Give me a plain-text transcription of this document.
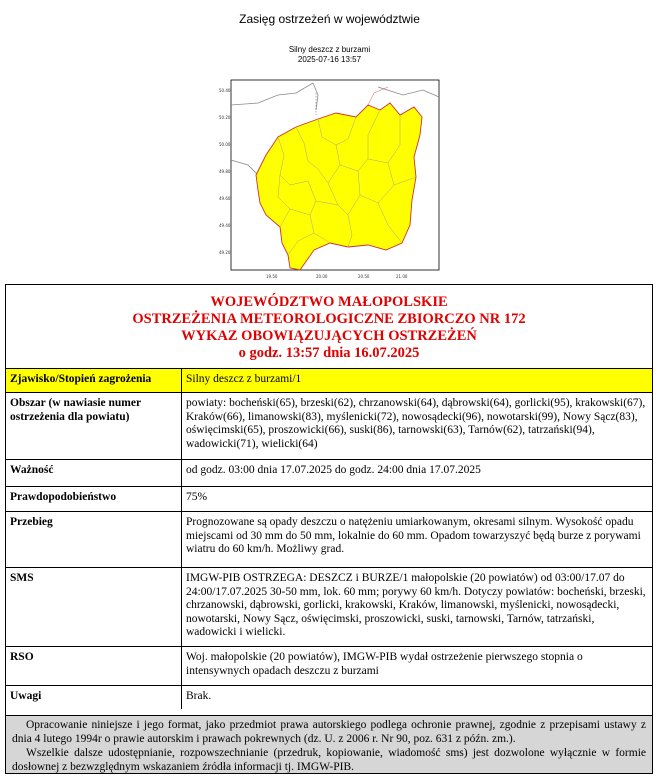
Zasięg ostrzeżeń w województwie
Silny deszcz z burzami
2025-07-16 13:57
50.40
50.20
50.00
49.80
49.60
49.40
49.20
19.50	20.00	20.50	21.00
WOJEWÓDZTWO MAŁOPOLSKIE
OSTRZEŻENIA METEOROLOGICZNE ZBIORCZO NR 172
WYKAZ OBOWIĄZUJĄCYCH OSTRZEŻEŃ
o godz. 13:57 dnia 16.07.2025
Zjawisko/Stopień zagrożenia	Silny deszcz z burzami/1
Obszar (w nawiasie numer ostrzeżenia dla powiatu)	powiaty: bocheński(65), brzeski(62), chrzanowski(64), dąbrowski(64), gorlicki(95), krakowski(67), Kraków(66), limanowski(83), myślenicki(72), nowosądecki(96), nowotarski(99), Nowy Sącz(83), oświęcimski(65), proszowicki(66), suski(86), tarnowski(63), Tarnów(62), tatrzański(94), wadowicki(71), wielicki(64)
Ważność	od godz. 03:00 dnia 17.07.2025 do godz. 24:00 dnia 17.07.2025
Prawdopodobieństwo	75%
Przebieg	Prognozowane są opady deszczu o natężeniu umiarkowanym, okresami silnym. Wysokość opadu miejscami od 30 mm do 50 mm, lokalnie do 60 mm. Opadom towarzyszyć będą burze z porywami wiatru do 60 km/h. Możliwy grad.
SMS	IMGW-PIB OSTRZEGA: DESZCZ i BURZE/1 małopolskie (20 powiatów) od 03:00/17.07 do 24:00/17.07.2025 30-50 mm, lok. 60 mm; porywy 60 km/h. Dotyczy powiatów: bocheński, brzeski, chrzanowski, dąbrowski, gorlicki, krakowski, Kraków, limanowski, myślenicki, nowosądecki, nowotarski, Nowy Sącz, oświęcimski, proszowicki, suski, tarnowski, Tarnów, tatrzański, wadowicki i wielicki.
RSO	Woj. małopolskie (20 powiatów), IMGW-PIB wydał ostrzeżenie pierwszego stopnia o intensywnych opadach deszczu z burzami
Uwagi	Brak.

Opracowanie niniejsze i jego format, jako przedmiot prawa autorskiego podlega ochronie prawnej, zgodnie z przepisami ustawy z dnia 4 lutego 1994r o prawie autorskim i prawach pokrewnych (dz. U. z 2006 r. Nr 90, poz. 631 z późn. zm.).

Wszelkie dalsze udostępnianie, rozpowszechnianie (przedruk, kopiowanie, wiadomość sms) jest dozwolone wyłącznie w formie dosłownej z bezwzględnym wskazaniem źródła informacji tj. IMGW-PIB.
